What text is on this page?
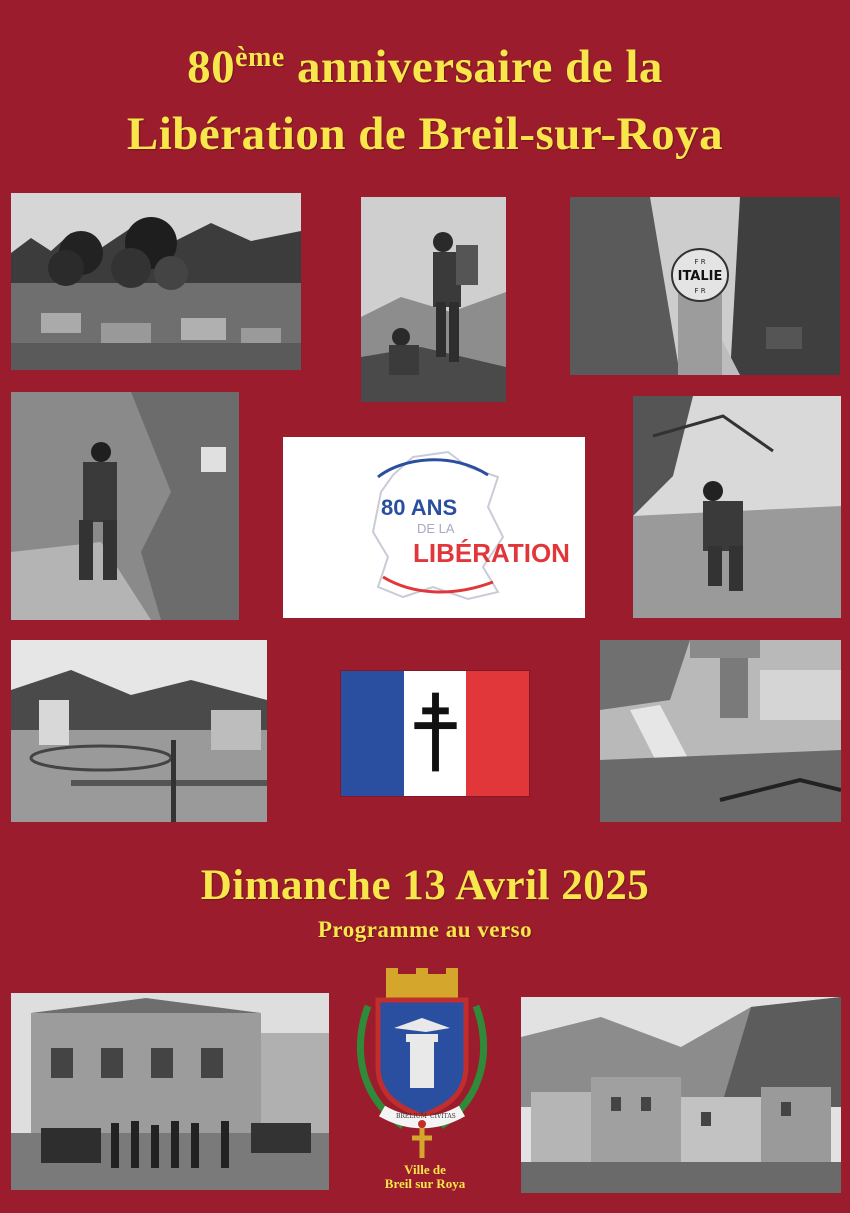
80ème anniversaire de la
Libération de Breil-sur-Roya
F R
ITALIE
F R
80 ANS
DE LA
LIBÉRATION
Dimanche 13 Avril 2025
Programme au verso
BRELIUM CIVITAS
Ville de
Breil sur Roya
